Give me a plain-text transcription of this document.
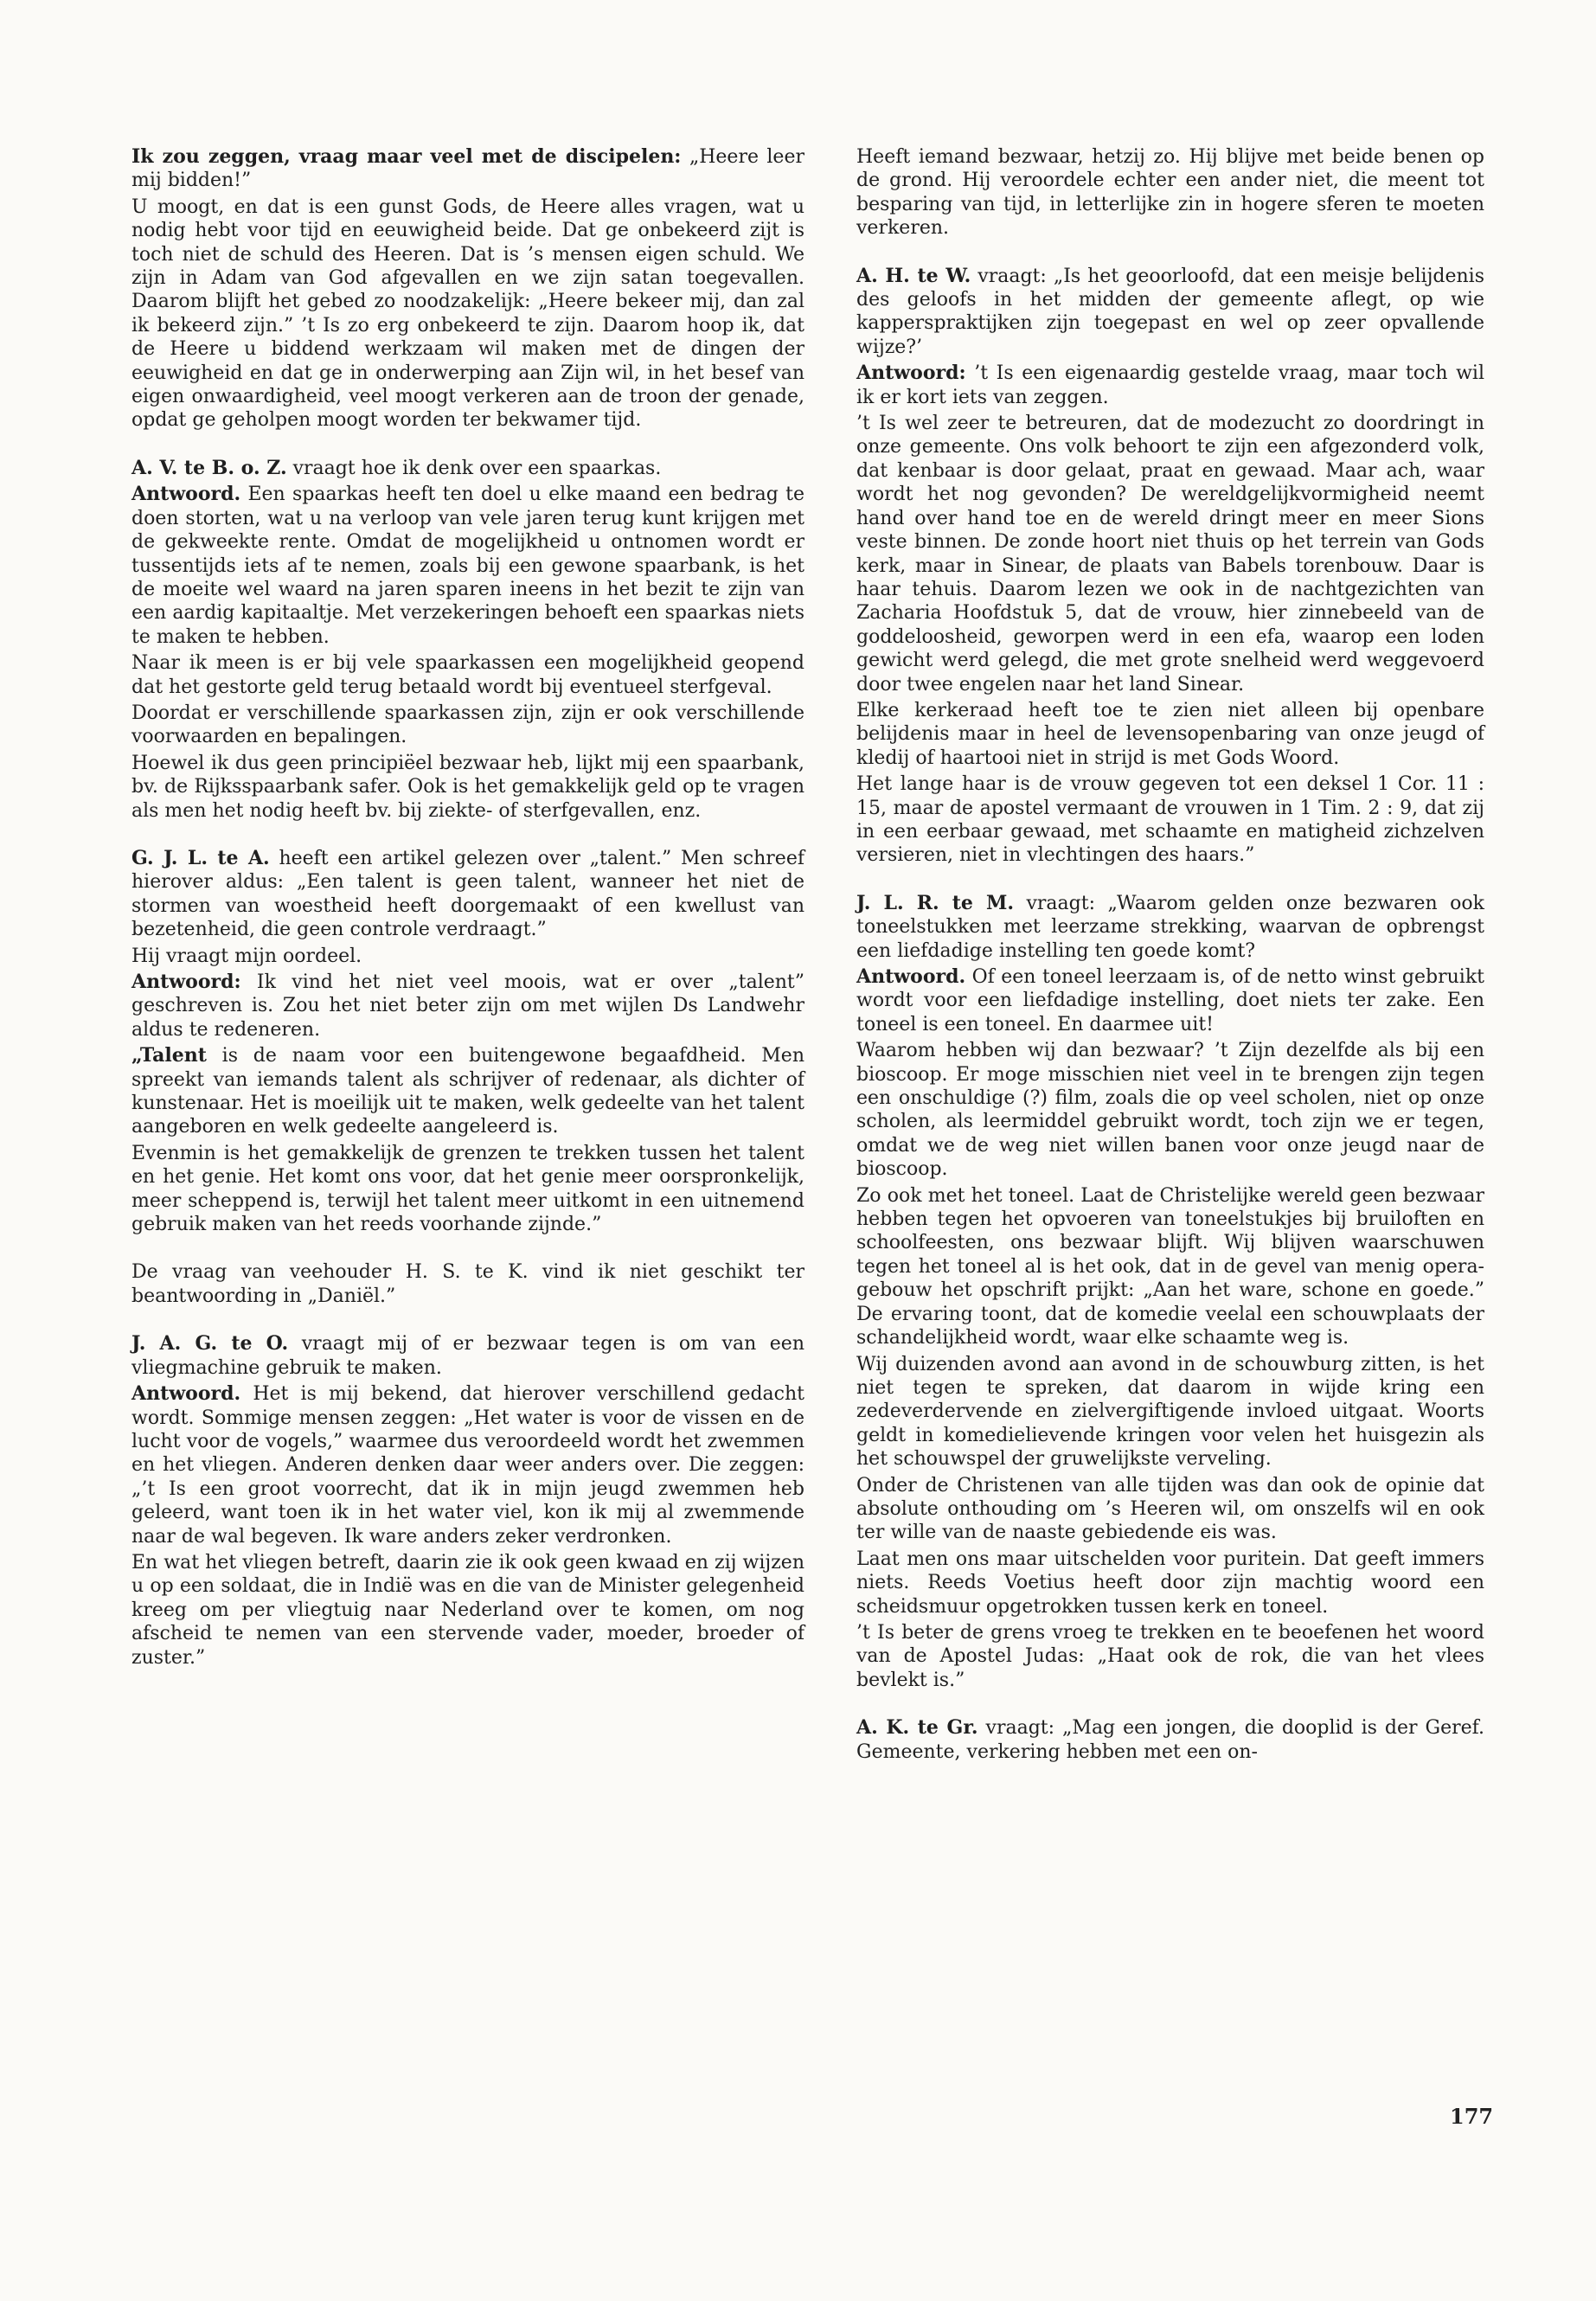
Ik zou zeggen, vraag maar veel met de discipelen: „Heere leer mij bidden!”

U moogt, en dat is een gunst Gods, de Heere alles vragen, wat u nodig hebt voor tijd en eeuwigheid beide. Dat ge onbekeerd zijt is toch niet de schuld des Heeren. Dat is ’s mensen eigen schuld. We zijn in Adam van God afgevallen en we zijn satan toegevallen. Daarom blijft het gebed zo noodzakelijk: „Heere bekeer mij, dan zal ik bekeerd zijn.” ’t Is zo erg onbekeerd te zijn. Daarom hoop ik, dat de Heere u biddend werkzaam wil maken met de dingen der eeuwigheid en dat ge in onderwerping aan Zijn wil, in het besef van eigen onwaardigheid, veel moogt verkeren aan de troon der genade, opdat ge geholpen moogt worden ter bekwamer tijd.

A. V. te B. o. Z. vraagt hoe ik denk over een spaarkas.

Antwoord. Een spaarkas heeft ten doel u elke maand een bedrag te doen storten, wat u na verloop van vele jaren terug kunt krijgen met de gekweekte rente. Omdat de mogelijkheid u ontnomen wordt er tussentijds iets af te nemen, zoals bij een gewone spaarbank, is het de moeite wel waard na jaren sparen ineens in het bezit te zijn van een aardig kapitaaltje. Met verzekeringen behoeft een spaarkas niets te maken te hebben.

Naar ik meen is er bij vele spaarkassen een mogelijkheid geopend dat het gestorte geld terug betaald wordt bij eventueel sterfgeval.

Doordat er verschillende spaarkassen zijn, zijn er ook verschillende voorwaarden en bepalingen.

Hoewel ik dus geen principiëel bezwaar heb, lijkt mij een spaarbank, bv. de Rijksspaarbank safer. Ook is het gemakkelijk geld op te vragen als men het nodig heeft bv. bij ziekte- of sterfgevallen, enz.

G. J. L. te A. heeft een artikel gelezen over „talent.” Men schreef hierover aldus: „Een talent is geen talent, wanneer het niet de stormen van woestheid heeft doorgemaakt of een kwellust van bezetenheid, die geen controle verdraagt.”

Hij vraagt mijn oordeel.

Antwoord: Ik vind het niet veel moois, wat er over „talent” geschreven is. Zou het niet beter zijn om met wijlen Ds Landwehr aldus te redeneren.

„Talent is de naam voor een buitengewone begaafdheid. Men spreekt van iemands talent als schrijver of redenaar, als dichter of kunstenaar. Het is moeilijk uit te maken, welk gedeelte van het talent aangeboren en welk gedeelte aangeleerd is.

Evenmin is het gemakkelijk de grenzen te trekken tussen het talent en het genie. Het komt ons voor, dat het genie meer oorspronkelijk, meer scheppend is, terwijl het talent meer uitkomt in een uitnemend gebruik maken van het reeds voorhande zijnde.”

De vraag van veehouder H. S. te K. vind ik niet geschikt ter beantwoording in „Daniël.”

J. A. G. te O. vraagt mij of er bezwaar tegen is om van een vliegmachine gebruik te maken.

Antwoord. Het is mij bekend, dat hierover verschillend gedacht wordt. Sommige mensen zeggen: „Het water is voor de vissen en de lucht voor de vogels,” waarmee dus veroordeeld wordt het zwemmen en het vliegen. Anderen denken daar weer anders over. Die zeggen: „’t Is een groot voorrecht, dat ik in mijn jeugd zwemmen heb geleerd, want toen ik in het water viel, kon ik mij al zwemmende naar de wal begeven. Ik ware anders zeker verdronken.

En wat het vliegen betreft, daarin zie ik ook geen kwaad en zij wijzen u op een soldaat, die in Indië was en die van de Minister gelegenheid kreeg om per vliegtuig naar Nederland over te komen, om nog afscheid te nemen van een stervende vader, moeder, broeder of zuster.”

Heeft iemand bezwaar, hetzij zo. Hij blijve met beide benen op de grond. Hij veroordele echter een ander niet, die meent tot besparing van tijd, in letterlijke zin in hogere sferen te moeten verkeren.

A. H. te W. vraagt: „Is het geoorloofd, dat een meisje belijdenis des geloofs in het midden der gemeente aflegt, op wie kapperspraktijken zijn toegepast en wel op zeer opvallende wijze?’

Antwoord: ’t Is een eigenaardig gestelde vraag, maar toch wil ik er kort iets van zeggen.

’t Is wel zeer te betreuren, dat de modezucht zo doordringt in onze gemeente. Ons volk behoort te zijn een afgezonderd volk, dat kenbaar is door gelaat, praat en gewaad. Maar ach, waar wordt het nog gevonden? De wereldgelijkvormigheid neemt hand over hand toe en de wereld dringt meer en meer Sions veste binnen. De zonde hoort niet thuis op het terrein van Gods kerk, maar in Sinear, de plaats van Babels torenbouw. Daar is haar tehuis. Daarom lezen we ook in de nachtgezichten van Zacharia Hoofdstuk 5, dat de vrouw, hier zinnebeeld van de goddeloosheid, geworpen werd in een efa, waarop een loden gewicht werd gelegd, die met grote snelheid werd weggevoerd door twee engelen naar het land Sinear.

Elke kerkeraad heeft toe te zien niet alleen bij openbare belijdenis maar in heel de levensopenbaring van onze jeugd of kledij of haartooi niet in strijd is met Gods Woord.

Het lange haar is de vrouw gegeven tot een deksel 1 Cor. 11 : 15, maar de apostel vermaant de vrouwen in 1 Tim. 2 : 9, dat zij in een eerbaar gewaad, met schaamte en matigheid zichzelven versieren, niet in vlechtingen des haars.”

J. L. R. te M. vraagt: „Waarom gelden onze bezwaren ook toneelstukken met leerzame strekking, waarvan de opbrengst een liefdadige instelling ten goede komt?

Antwoord. Of een toneel leerzaam is, of de netto winst gebruikt wordt voor een liefdadige instelling, doet niets ter zake. Een toneel is een toneel. En daarmee uit!

Waarom hebben wij dan bezwaar? ’t Zijn dezelfde als bij een bioscoop. Er moge misschien niet veel in te brengen zijn tegen een onschuldige (?) film, zoals die op veel scholen, niet op onze scholen, als leermiddel gebruikt wordt, toch zijn we er tegen, omdat we de weg niet willen banen voor onze jeugd naar de bioscoop.

Zo ook met het toneel. Laat de Christelijke wereld geen bezwaar hebben tegen het opvoeren van toneelstukjes bij bruiloften en schoolfeesten, ons bezwaar blijft. Wij blijven waarschuwen tegen het toneel al is het ook, dat in de gevel van menig opera-gebouw het opschrift prijkt: „Aan het ware, schone en goede.” De ervaring toont, dat de komedie veelal een schouwplaats der schandelijkheid wordt, waar elke schaamte weg is.

Wij duizenden avond aan avond in de schouwburg zitten, is het niet tegen te spreken, dat daarom in wijde kring een zedeverdervende en zielvergiftigende invloed uitgaat. Woorts geldt in komedielievende kringen voor velen het huisgezin als het schouwspel der gruwelijkste verveling.

Onder de Christenen van alle tijden was dan ook de opinie dat absolute onthouding om ’s Heeren wil, om onszelfs wil en ook ter wille van de naaste gebiedende eis was.

Laat men ons maar uitschelden voor puritein. Dat geeft immers niets. Reeds Voetius heeft door zijn machtig woord een scheidsmuur opgetrokken tussen kerk en toneel.

’t Is beter de grens vroeg te trekken en te beoefenen het woord van de Apostel Judas: „Haat ook de rok, die van het vlees bevlekt is.”

A. K. te Gr. vraagt: „Mag een jongen, die dooplid is der Geref. Gemeente, verkering hebben met een on-

177
